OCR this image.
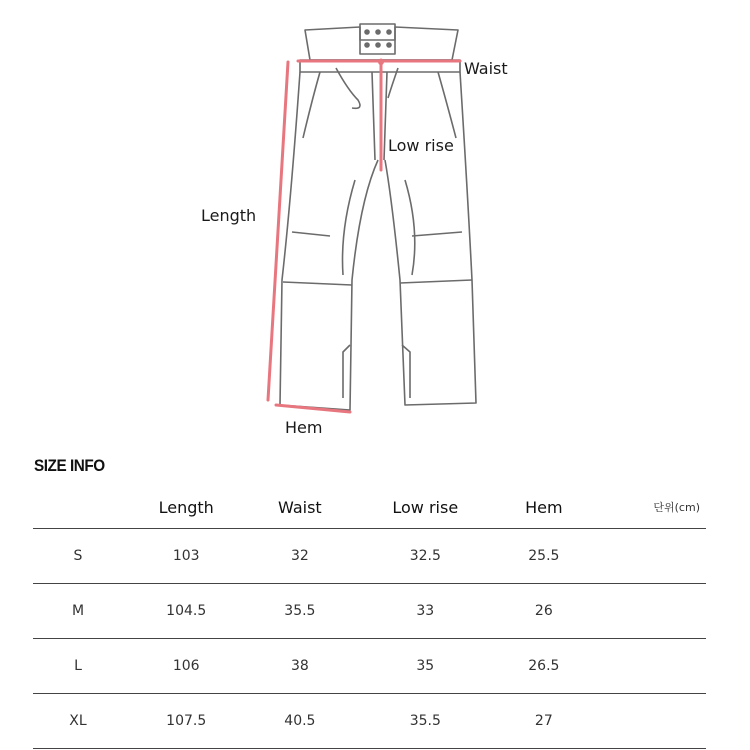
Waist
Low rise
Length
Hem
SIZE INFO
	Length	Waist	Low rise	Hem	단위(cm)
S	103	32	32.5	25.5	
M	104.5	35.5	33	26	
L	106	38	35	26.5	
XL	107.5	40.5	35.5	27	
